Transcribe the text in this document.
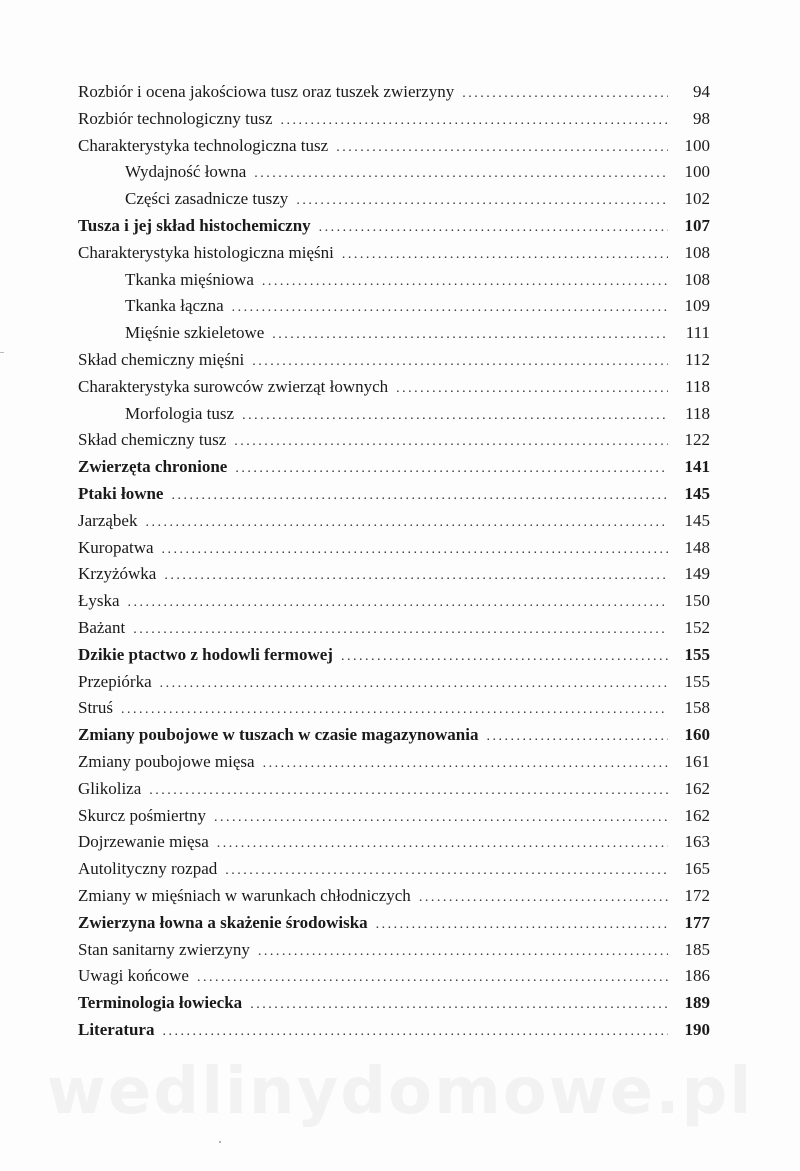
Rozbiór i ocena jakościowa tusz oraz tuszek zwierzyny . . .	94
Rozbiór technologiczny tusz . . .	98
Charakterystyka technologiczna tusz . . .	100
Wydajność łowna . . .	100
Części zasadnicze tuszy . . .	102
Tusza i jej skład histochemiczny . . .	107
Charakterystyka histologiczna mięśni . . .	108
Tkanka mięśniowa . . .	108
Tkanka łączna . . .	109
Mięśnie szkieletowe . . .	111
Skład chemiczny mięśni . . .	112
Charakterystyka surowców zwierząt łownych . . .	118
Morfologia tusz . . .	118
Skład chemiczny tusz . . .	122
Zwierzęta chronione . . .	141
Ptaki łowne . . .	145
Jarząbek . . .	145
Kuropatwa . . .	148
Krzyżówka . . .	149
Łyska . . .	150
Bażant . . .	152
Dzikie ptactwo z hodowli fermowej . . .	155
Przepiórka . . .	155
Struś . . .	158
Zmiany poubojowe w tuszach w czasie magazynowania . . .	160
Zmiany poubojowe mięsa . . .	161
Glikoliza . . .	162
Skurcz pośmiertny . . .	162
Dojrzewanie mięsa . . .	163
Autolityczny rozpad . . .	165
Zmiany w mięśniach w warunkach chłodniczych . . .	172
Zwierzyna łowna a skażenie środowiska . . .	177
Stan sanitarny zwierzyny . . .	185
Uwagi końcowe . . .	186
Terminologia łowiecka . . .	189
Literatura . . .	190
